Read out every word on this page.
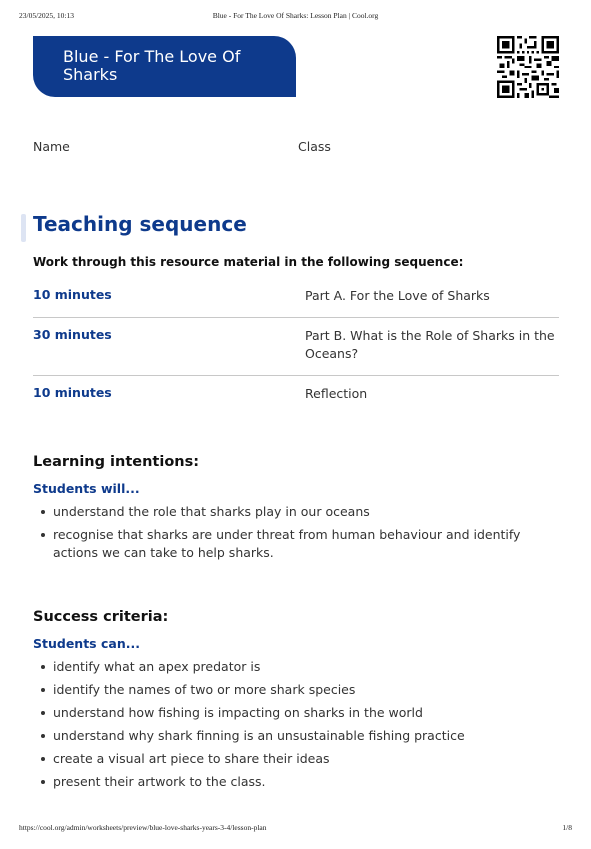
23/05/2025, 10:13	Blue - For The Love Of Sharks: Lesson Plan | Cool.org
Blue - For The Love Of Sharks
Name	Class
Teaching sequence
Work through this resource material in the following sequence:
10 minutes	Part A. For the Love of Sharks
30 minutes	Part B. What is the Role of Sharks in the Oceans?
10 minutes	Reflection
Learning intentions:
Students will...
understand the role that sharks play in our oceans
recognise that sharks are under threat from human behaviour and identify actions we can take to help sharks.
Success criteria:
Students can...
identify what an apex predator is
identify the names of two or more shark species
understand how fishing is impacting on sharks in the world
understand why shark finning is an unsustainable fishing practice
create a visual art piece to share their ideas
present their artwork to the class.
https://cool.org/admin/worksheets/preview/blue-love-sharks-years-3-4/lesson-plan	1/8
